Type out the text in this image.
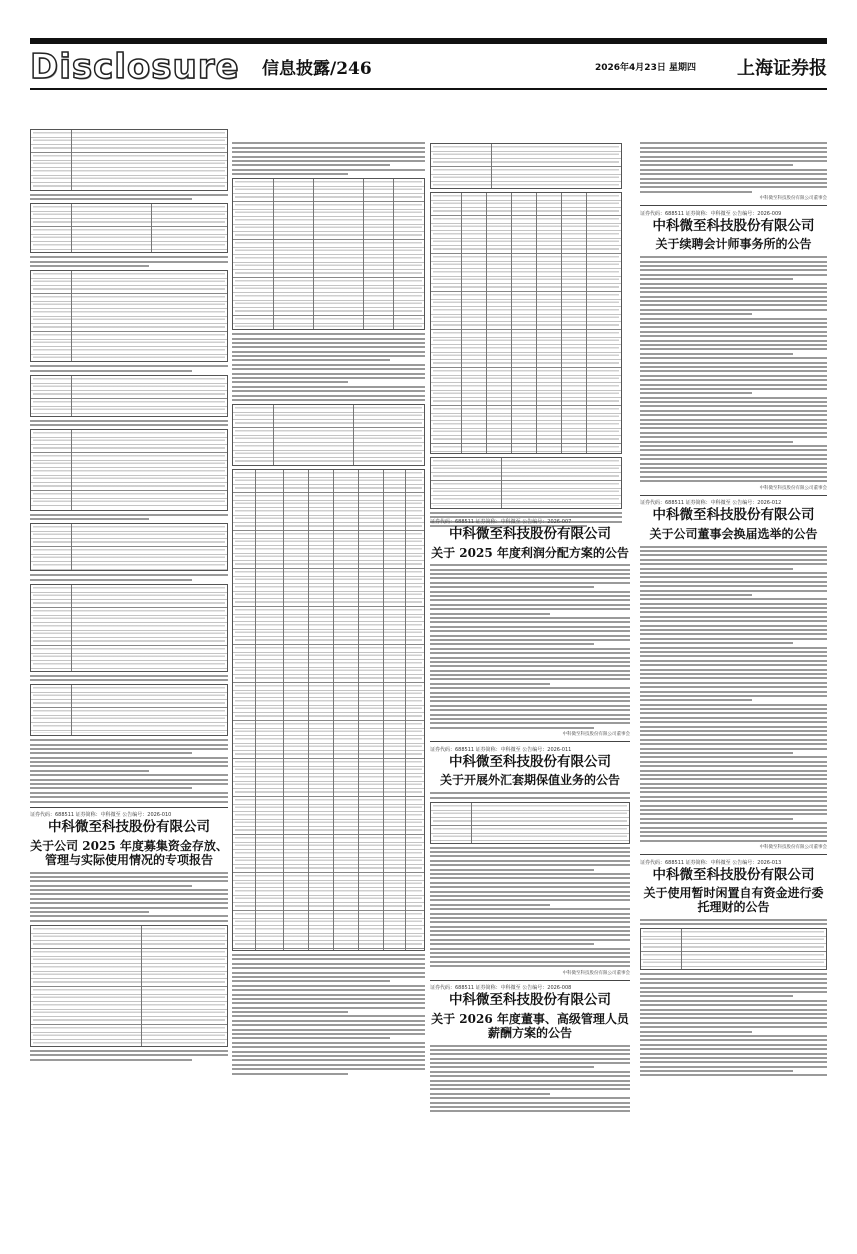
Disclosure 信息披露/246	2026年4月23日 星期四 上海证券报
证券代码：688511 证券简称：中科微至 公告编号：2026-010
中科微至科技股份有限公司
关于公司 2025 年度募集资金存放、管理与实际使用情况的专项报告
证券代码：688511 证券简称：中科微至 公告编号：2026-007
中科微至科技股份有限公司
关于 2025 年度利润分配方案的公告
中科微至科技股份有限公司董事会
证券代码：688511 证券简称：中科微至 公告编号：2026-011
中科微至科技股份有限公司
关于开展外汇套期保值业务的公告
中科微至科技股份有限公司董事会
证券代码：688511 证券简称：中科微至 公告编号：2026-008
中科微至科技股份有限公司
关于 2026 年度董事、高级管理人员薪酬方案的公告
中科微至科技股份有限公司董事会
证券代码：688511 证券简称：中科微至 公告编号：2026-009
中科微至科技股份有限公司
关于续聘会计师事务所的公告
中科微至科技股份有限公司董事会
证券代码：688511 证券简称：中科微至 公告编号：2026-012
中科微至科技股份有限公司
关于公司董事会换届选举的公告
中科微至科技股份有限公司董事会
证券代码：688511 证券简称：中科微至 公告编号：2026-013
中科微至科技股份有限公司
关于使用暂时闲置自有资金进行委托理财的公告
